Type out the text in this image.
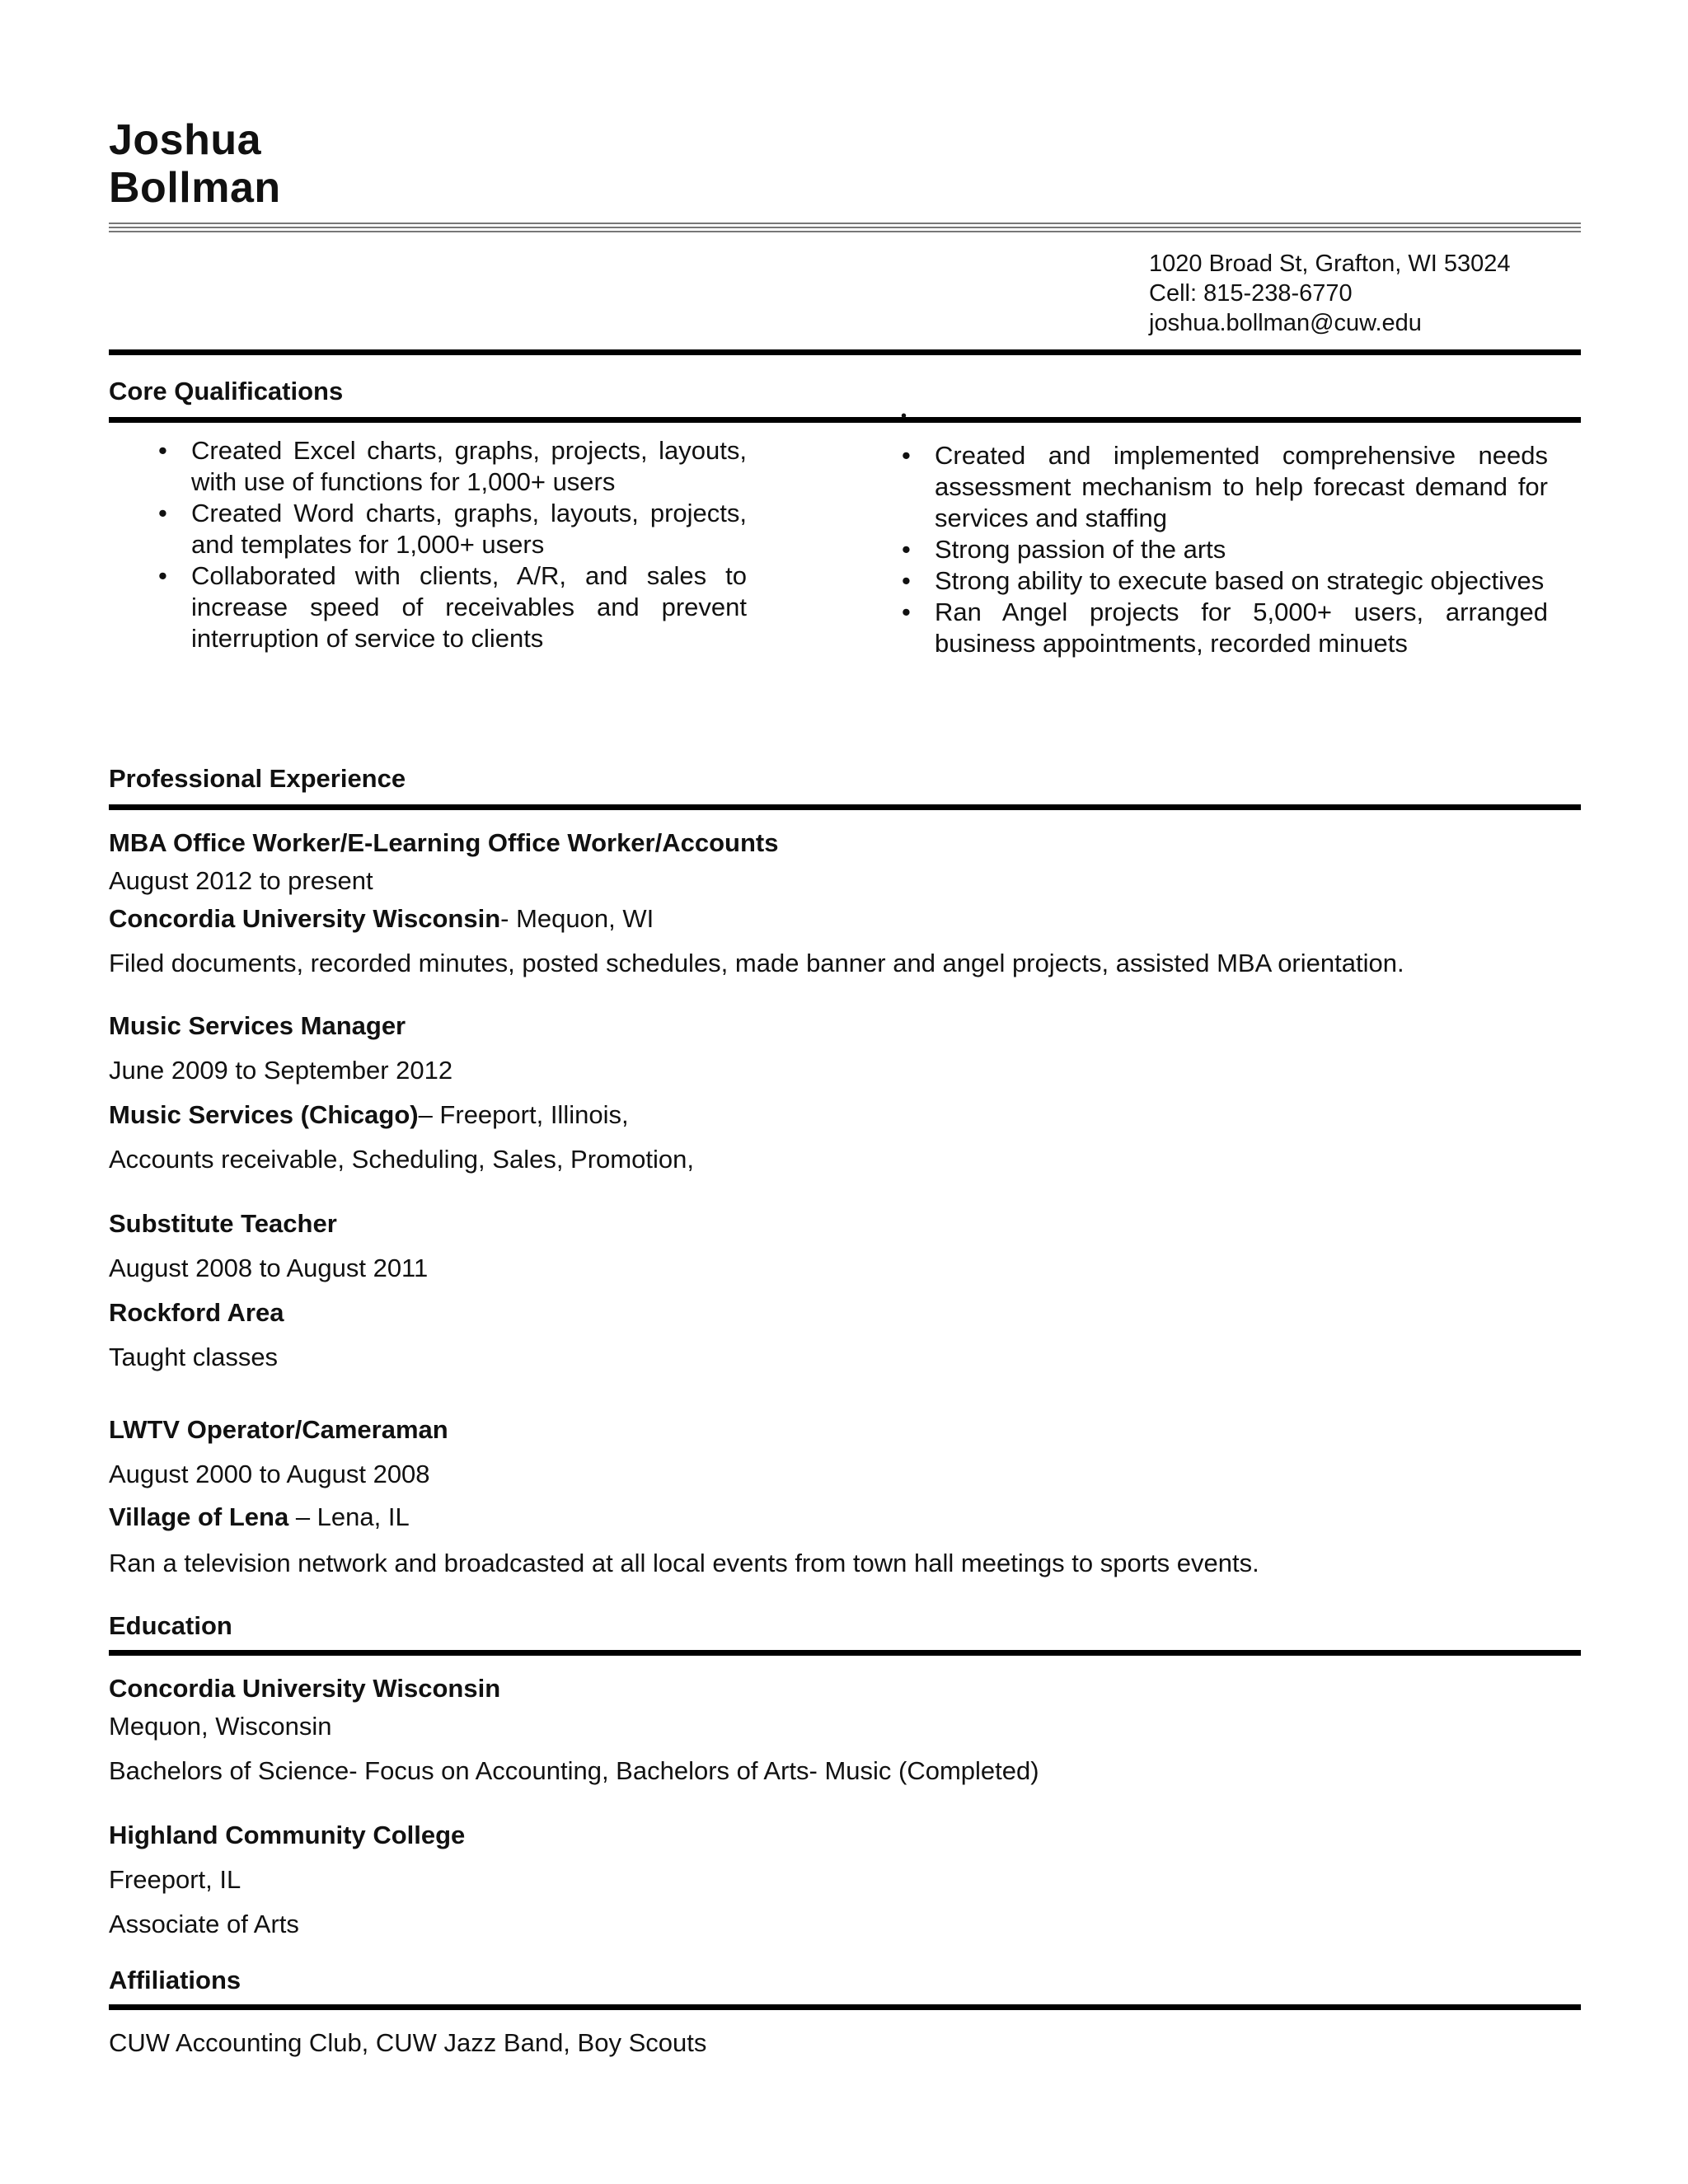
Joshua
Bollman
1020 Broad St, Grafton, WI 53024
Cell: 815-238-6770
joshua.bollman@cuw.edu
Core Qualifications
•
• Created Excel charts, graphs, projects, layouts, with use of functions for 1,000+ users
• Created Word charts, graphs, layouts, projects, and templates for 1,000+ users
• Collaborated with clients, A/R, and sales to increase speed of receivables and prevent interruption of service to clients
• Created and implemented comprehensive needs assessment mechanism to help forecast demand for services and staffing
• Strong passion of the arts
• Strong ability to execute based on strategic objectives
• Ran Angel projects for 5,000+ users, arranged business appointments, recorded minuets
Professional Experience
MBA Office Worker/E-Learning Office Worker/Accounts
August 2012 to present
Concordia University Wisconsin- Mequon, WI
Filed documents, recorded minutes, posted schedules, made banner and angel projects, assisted MBA orientation.
Music Services Manager
June 2009 to September 2012
Music Services (Chicago)– Freeport, Illinois,
Accounts receivable, Scheduling, Sales, Promotion,
Substitute Teacher
August 2008 to August 2011
Rockford Area
Taught classes
LWTV Operator/Cameraman
August 2000 to August 2008
Village of Lena – Lena, IL
Ran a television network and broadcasted at all local events from town hall meetings to sports events.
Education
Concordia University Wisconsin
Mequon, Wisconsin
Bachelors of Science- Focus on Accounting, Bachelors of Arts- Music (Completed)
Highland Community College
Freeport, IL
Associate of Arts
Affiliations
CUW Accounting Club, CUW Jazz Band, Boy Scouts
